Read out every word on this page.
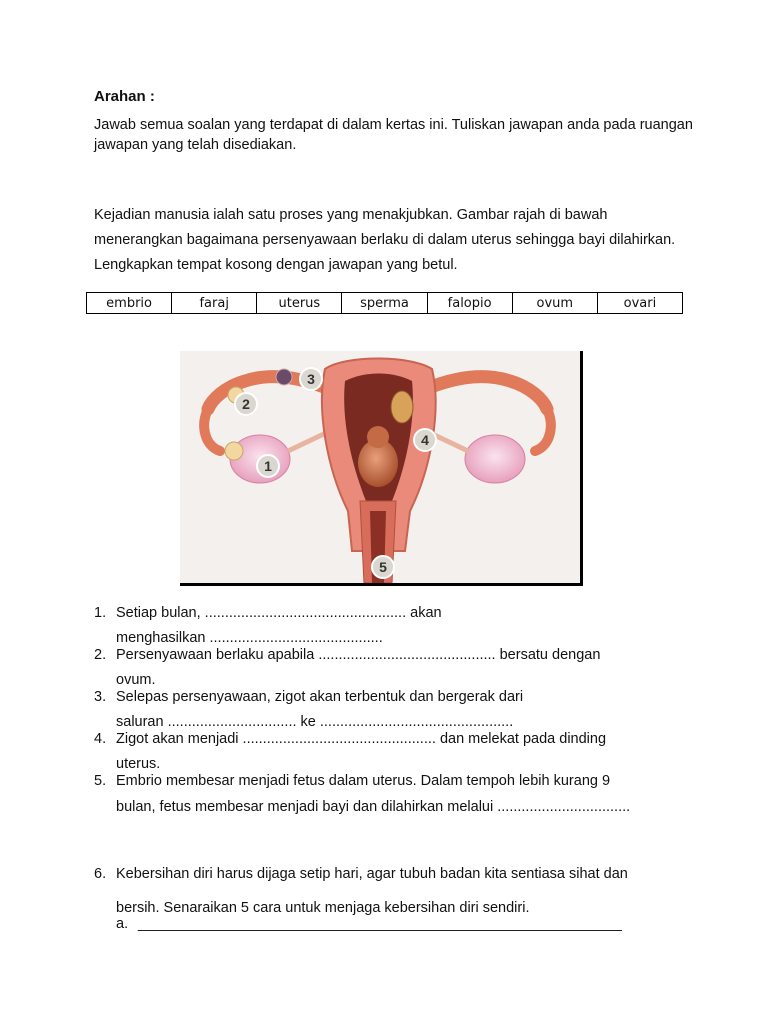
Arahan :
Jawab semua soalan yang terdapat di dalam kertas ini. Tuliskan jawapan anda pada ruangan jawapan yang telah disediakan.
Kejadian manusia ialah satu proses yang menakjubkan. Gambar rajah di bawah menerangkan bagaimana persenyawaan berlaku di dalam uterus sehingga bayi dilahirkan. Lengkapkan tempat kosong dengan jawapan yang betul.
embrio	faraj	uterus	sperma	falopio	ovum	ovari
1
2
3
4
5
1. Setiap bulan, .................................................. akan
menghasilkan ...........................................
2. Persenyawaan berlaku apabila ............................................ bersatu dengan
ovum.
3. Selepas persenyawaan, zigot akan terbentuk dan bergerak dari
saluran ................................ ke ................................................
4. Zigot akan menjadi ................................................ dan melekat pada dinding
uterus.
5. Embrio membesar menjadi fetus dalam uterus. Dalam tempoh lebih kurang 9
bulan, fetus membesar menjadi bayi dan dilahirkan melalui .................................
6. Kebersihan diri harus dijaga setip hari, agar tubuh badan kita sentiasa sihat dan
bersih. Senaraikan 5 cara untuk menjaga kebersihan diri sendiri.
a. ____________________________________________________________
